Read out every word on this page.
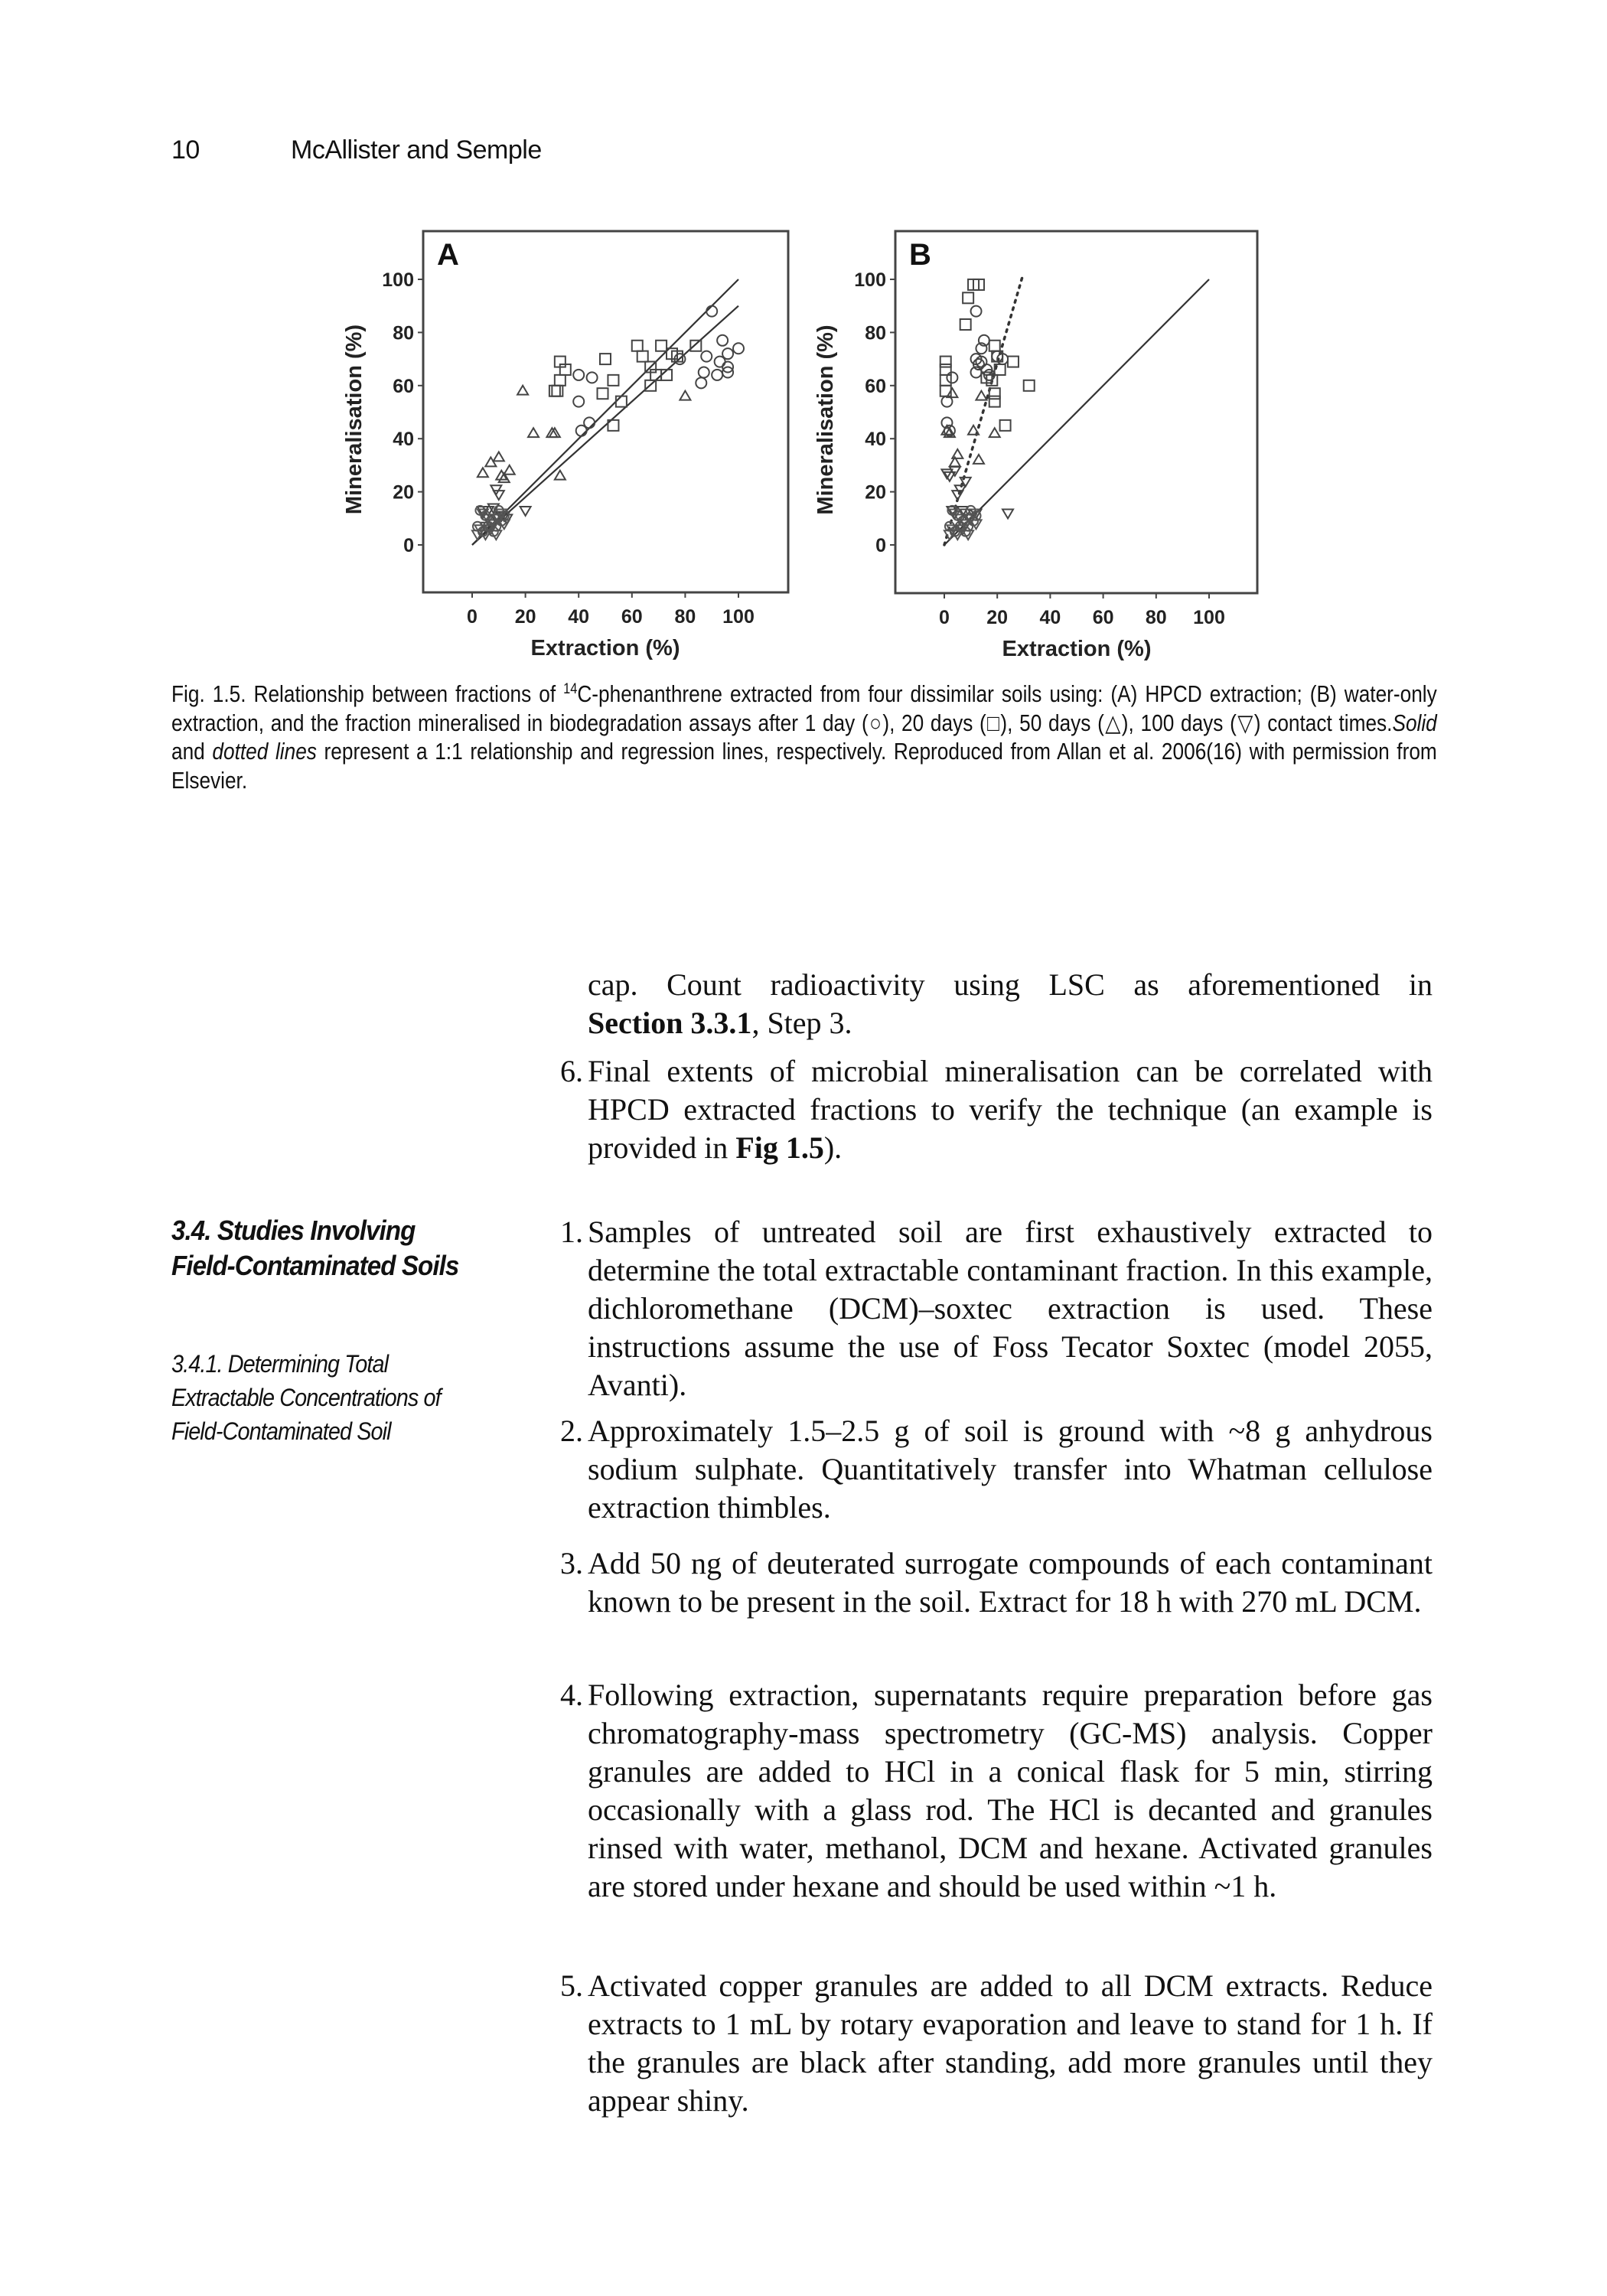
10	McAllister and Semple
A
0
20
40
60
80
100
0 20 40 60 80 100
Extraction (%)
Mineralisation (%)
B
0
20
40
60
80
100
0 20 40 60 80 100
Extraction (%)
Mineralisation (%)
Fig. 1.5. Relationship between fractions of $^{14}$C-phenanthrene extracted from four dissimilar soils using: (A) HPCD extraction; (B) water-only extraction, and the fraction mineralised in biodegradation assays after 1 day (○), 20 days (□), 50 days (△), 100 days (▽) contact times.Solid and dotted lines represent a 1:1 relationship and regression lines, respectively. Reproduced from Allan et al. 2006(16) with permission from Elsevier.
cap. Count radioactivity using LSC as aforementioned in
Section 3.3.1, Step 3.
6. Final extents of microbial mineralisation can be correlated with HPCD extracted fractions to verify the technique (an example is provided in Fig 1.5).
3.4. Studies Involving Field-Contaminated Soils
3.4.1. Determining Total Extractable Concentrations of Field-Contaminated Soil
1. Samples of untreated soil are first exhaustively extracted to determine the total extractable contaminant fraction. In this example, dichloromethane (DCM)–soxtec extraction is used. These instructions assume the use of Foss Tecator Soxtec (model 2055, Avanti).
2. Approximately 1.5–2.5 g of soil is ground with ~8 g anhydrous sodium sulphate. Quantitatively transfer into Whatman cellulose extraction thimbles.
3. Add 50 ng of deuterated surrogate compounds of each contaminant known to be present in the soil. Extract for 18 h with 270 mL DCM.
4. Following extraction, supernatants require preparation before gas chromatography-mass spectrometry (GC-MS) analysis. Copper granules are added to HCl in a conical flask for 5 min, stirring occasionally with a glass rod. The HCl is decanted and granules rinsed with water, methanol, DCM and hexane. Activated granules are stored under hexane and should be used within ~1 h.
5. Activated copper granules are added to all DCM extracts. Reduce extracts to 1 mL by rotary evaporation and leave to stand for 1 h. If the granules are black after standing, add more granules until they appear shiny.
